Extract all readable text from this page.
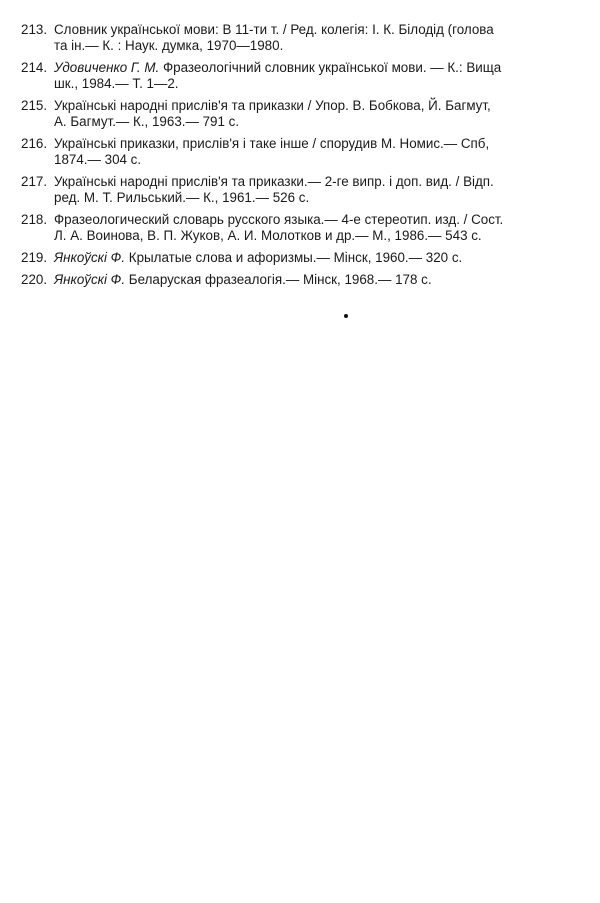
213. Словник української мови: В 11-ти т. / Ред. колегія: І. К. Білодід (голова
та ін.— К. : Наук. думка, 1970—1980.
214. Удовиченко Г. М. Фразеологічний словник української мови. — К.: Вища
шк., 1984.— Т. 1—2.
215. Українські народні прислів'я та приказки / Упор. В. Бобкова, Й. Багмут,
А. Багмут.— К., 1963.— 791 с.
216. Українські приказки, прислів'я і таке інше / спорудив М. Номис.— Спб,
1874.— 304 с.
217. Українські народні прислів'я та приказки.— 2-ге випр. і доп. вид. / Відп.
ред. М. Т. Рильський.— К., 1961.— 526 с.
218. Фразеологический словарь русского языка.— 4-е стереотип. изд. / Сост.
Л. А. Воинова, В. П. Жуков, А. И. Молотков и др.— М., 1986.— 543 с.
219. Янкоўскі Ф. Крылатые слова и афоризмы.— Мінск, 1960.— 320 с.
220. Янкоўскі Ф. Беларуская фразеалогія.— Мінск, 1968.— 178 с.
